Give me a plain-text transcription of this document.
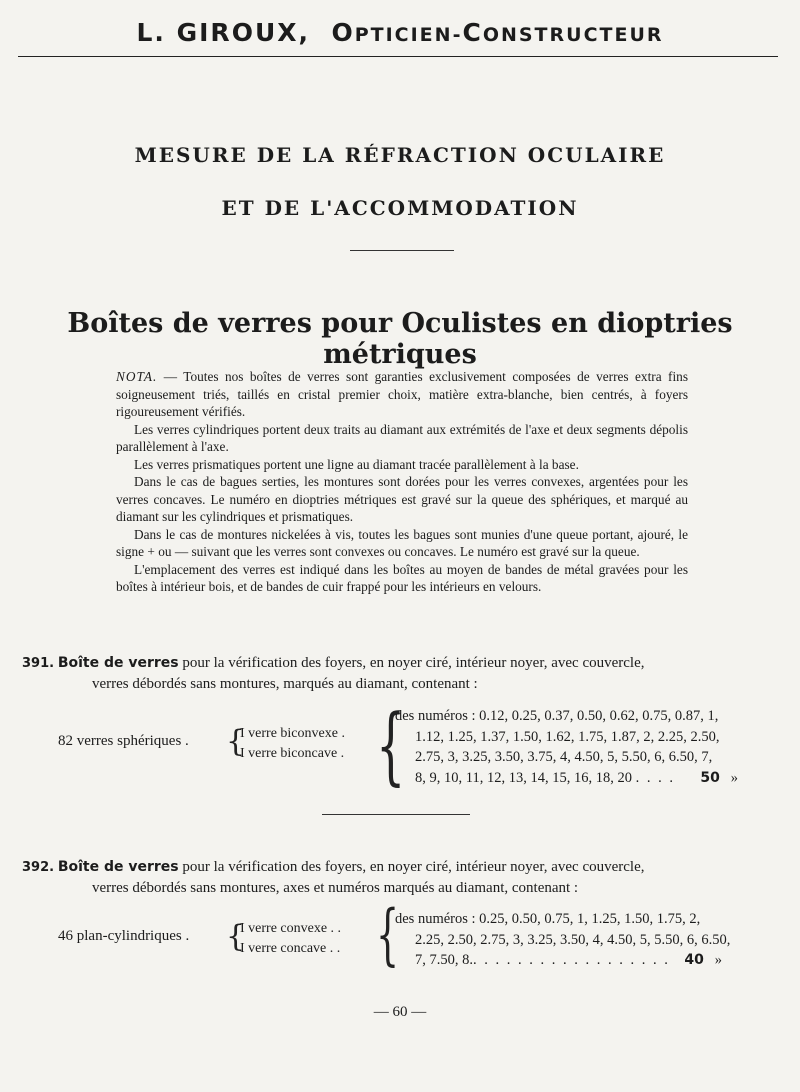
L. GIROUX, OPTICIEN-CONSTRUCTEUR
MESURE DE LA RÉFRACTION OCULAIRE
ET DE L'ACCOMMODATION
Boîtes de verres pour Oculistes en dioptries métriques

NOTA. — Toutes nos boîtes de verres sont garanties exclusivement composées de verres extra fins soigneusement triés, taillés en cristal premier choix, matière extra-blanche, bien centrés, à foyers rigoureusement vérifiés.

Les verres cylindriques portent deux traits au diamant aux extrémités de l'axe et deux segments dépolis parallèlement à l'axe.

Les verres prismatiques portent une ligne au diamant tracée parallèlement à la base.

Dans le cas de bagues serties, les montures sont dorées pour les verres convexes, argentées pour les verres concaves. Le numéro en dioptries métriques est gravé sur la queue des sphériques, et marqué au diamant sur les cylindriques et prismatiques.

Dans le cas de montures nickelées à vis, toutes les bagues sont munies d'une queue portant, ajouré, le signe + ou — suivant que les verres sont convexes ou concaves. Le numéro est gravé sur la queue.

L'emplacement des verres est indiqué dans les boîtes au moyen de bandes de métal gravées pour les boîtes à intérieur bois, et de bandes de cuir frappé pour les intérieurs en velours.

391. Boîte de verres pour la vérification des foyers, en noyer ciré, intérieur noyer, avec couvercle,
verres débordés sans montures, marqués au diamant, contenant :
82 verres sphériques . {
I verre biconvexe .
I verre biconcave . {
des numéros : 0.12, 0.25, 0.37, 0.50, 0.62, 0.75, 0.87, 1,
1.12, 1.25, 1.37, 1.50, 1.62, 1.75, 1.87, 2, 2.25, 2.50,
2.75, 3, 3.25, 3.50, 3.75, 4, 4.50, 5, 5.50, 6, 6.50, 7,
8, 9, 10, 11, 12, 13, 14, 15, 16, 18, 20 . . . . 50 »
392. Boîte de verres pour la vérification des foyers, en noyer ciré, intérieur noyer, avec couvercle,
verres débordés sans montures, axes et numéros marqués au diamant, contenant :
46 plan-cylindriques . {
I verre convexe . .
I verre concave . . {
des numéros : 0.25, 0.50, 0.75, 1, 1.25, 1.50, 1.75, 2,
2.25, 2.50, 2.75, 3, 3.25, 3.50, 4, 4.50, 5, 5.50, 6, 6.50,
7, 7.50, 8.. . . . . . . . . . . . . . . . . . 40 »
— 60 —
